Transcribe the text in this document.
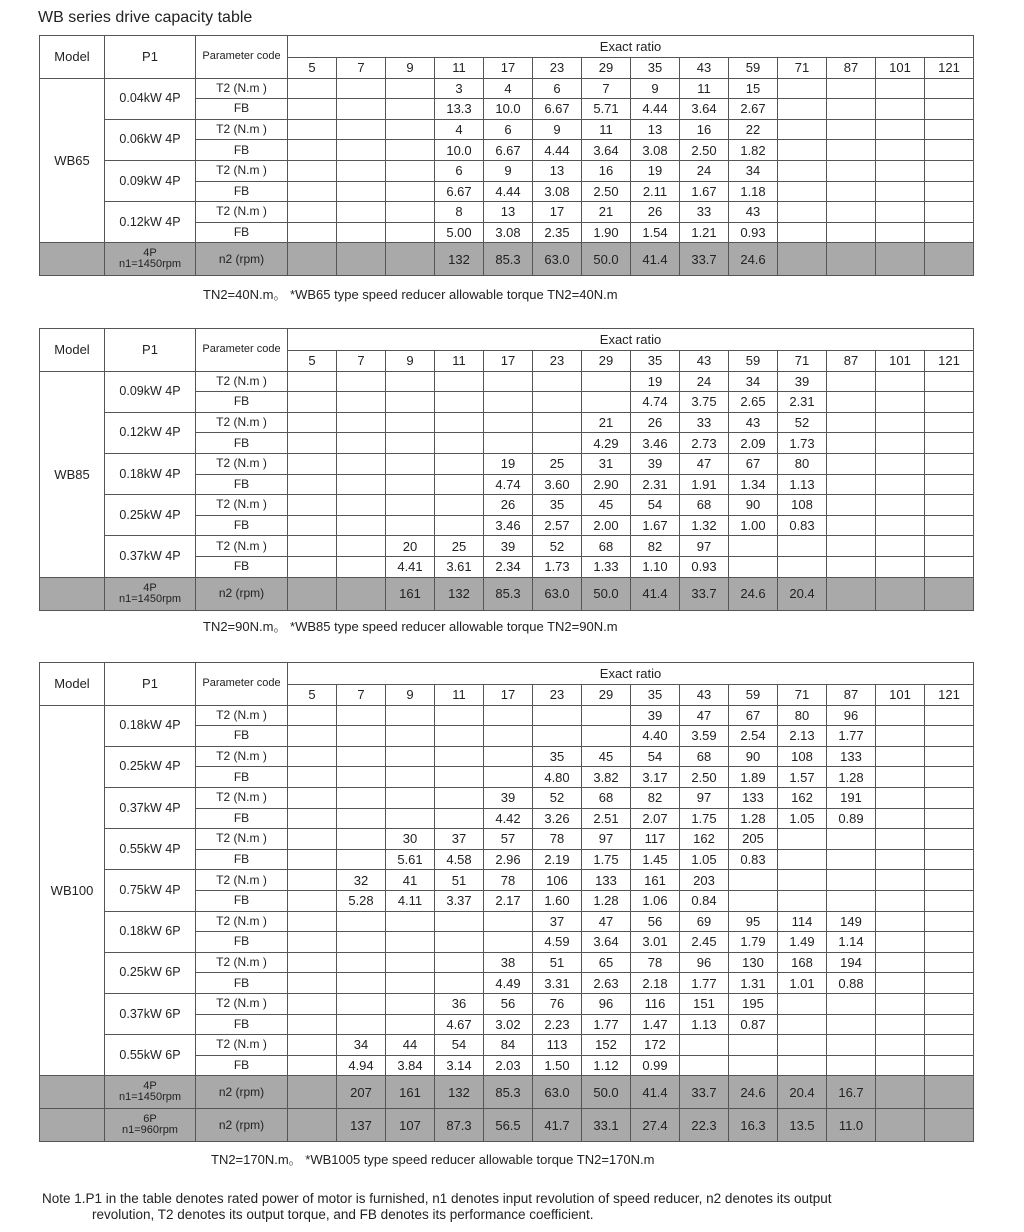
WB series drive capacity table
Model	P1	Parameter code	Exact ratio													
			5	7	9	11	17	23	29	35	43	59	71	87	101	121
WB65	0.04kW 4P	T2 (N.m )				3	4	6	7	9	11	15				
		FB				13.3	10.0	6.67	5.71	4.44	3.64	2.67				
	0.06kW 4P	T2 (N.m )				4	6	9	11	13	16	22				
		FB				10.0	6.67	4.44	3.64	3.08	2.50	1.82				
	0.09kW 4P	T2 (N.m )				6	9	13	16	19	24	34				
		FB				6.67	4.44	3.08	2.50	2.11	1.67	1.18				
	0.12kW 4P	T2 (N.m )				8	13	17	21	26	33	43				
		FB				5.00	3.08	2.35	1.90	1.54	1.21	0.93				

	4P
n1=1450rpm	n2 (rpm)				132	85.3	63.0	50.0	41.4	33.7	24.6				
TN2=40N.m。 *WB65 type speed reducer allowable torque TN2=40N.m
Model	P1	Parameter code	Exact ratio													
			5	7	9	11	17	23	29	35	43	59	71	87	101	121
WB85	0.09kW 4P	T2 (N.m )								19	24	34	39			
		FB								4.74	3.75	2.65	2.31			
	0.12kW 4P	T2 (N.m )							21	26	33	43	52			
		FB							4.29	3.46	2.73	2.09	1.73			
	0.18kW 4P	T2 (N.m )					19	25	31	39	47	67	80			
		FB					4.74	3.60	2.90	2.31	1.91	1.34	1.13			
	0.25kW 4P	T2 (N.m )					26	35	45	54	68	90	108			
		FB					3.46	2.57	2.00	1.67	1.32	1.00	0.83			
	0.37kW 4P	T2 (N.m )			20	25	39	52	68	82	97					
		FB			4.41	3.61	2.34	1.73	1.33	1.10	0.93					

	4P
n1=1450rpm	n2 (rpm)			161	132	85.3	63.0	50.0	41.4	33.7	24.6	20.4			
TN2=90N.m。 *WB85 type speed reducer allowable torque TN2=90N.m
Model	P1	Parameter code	Exact ratio													
			5	7	9	11	17	23	29	35	43	59	71	87	101	121
WB100	0.18kW 4P	T2 (N.m )								39	47	67	80	96		
		FB								4.40	3.59	2.54	2.13	1.77		
	0.25kW 4P	T2 (N.m )						35	45	54	68	90	108	133		
		FB						4.80	3.82	3.17	2.50	1.89	1.57	1.28		
	0.37kW 4P	T2 (N.m )					39	52	68	82	97	133	162	191		
		FB					4.42	3.26	2.51	2.07	1.75	1.28	1.05	0.89		
	0.55kW 4P	T2 (N.m )			30	37	57	78	97	117	162	205				
		FB			5.61	4.58	2.96	2.19	1.75	1.45	1.05	0.83				
	0.75kW 4P	T2 (N.m )		32	41	51	78	106	133	161	203					
		FB		5.28	4.11	3.37	2.17	1.60	1.28	1.06	0.84					
	0.18kW 6P	T2 (N.m )						37	47	56	69	95	114	149		
		FB						4.59	3.64	3.01	2.45	1.79	1.49	1.14		
	0.25kW 6P	T2 (N.m )					38	51	65	78	96	130	168	194		
		FB					4.49	3.31	2.63	2.18	1.77	1.31	1.01	0.88		
	0.37kW 6P	T2 (N.m )				36	56	76	96	116	151	195				
		FB				4.67	3.02	2.23	1.77	1.47	1.13	0.87				
	0.55kW 6P	T2 (N.m )		34	44	54	84	113	152	172						
		FB		4.94	3.84	3.14	2.03	1.50	1.12	0.99						

	4P
n1=1450rpm	n2 (rpm)		207	161	132	85.3	63.0	50.0	41.4	33.7	24.6	20.4	16.7		

	6P
n1=960rpm	n2 (rpm)		137	107	87.3	56.5	41.7	33.1	27.4	22.3	16.3	13.5	11.0		
TN2=170N.m。 *WB1005 type speed reducer allowable torque TN2=170N.m
Note 1.P1 in the table denotes rated power of motor is furnished, n1 denotes input revolution of speed reducer, n2 denotes its output
revolution, T2 denotes its output torque, and FB denotes its performance coefficient.
